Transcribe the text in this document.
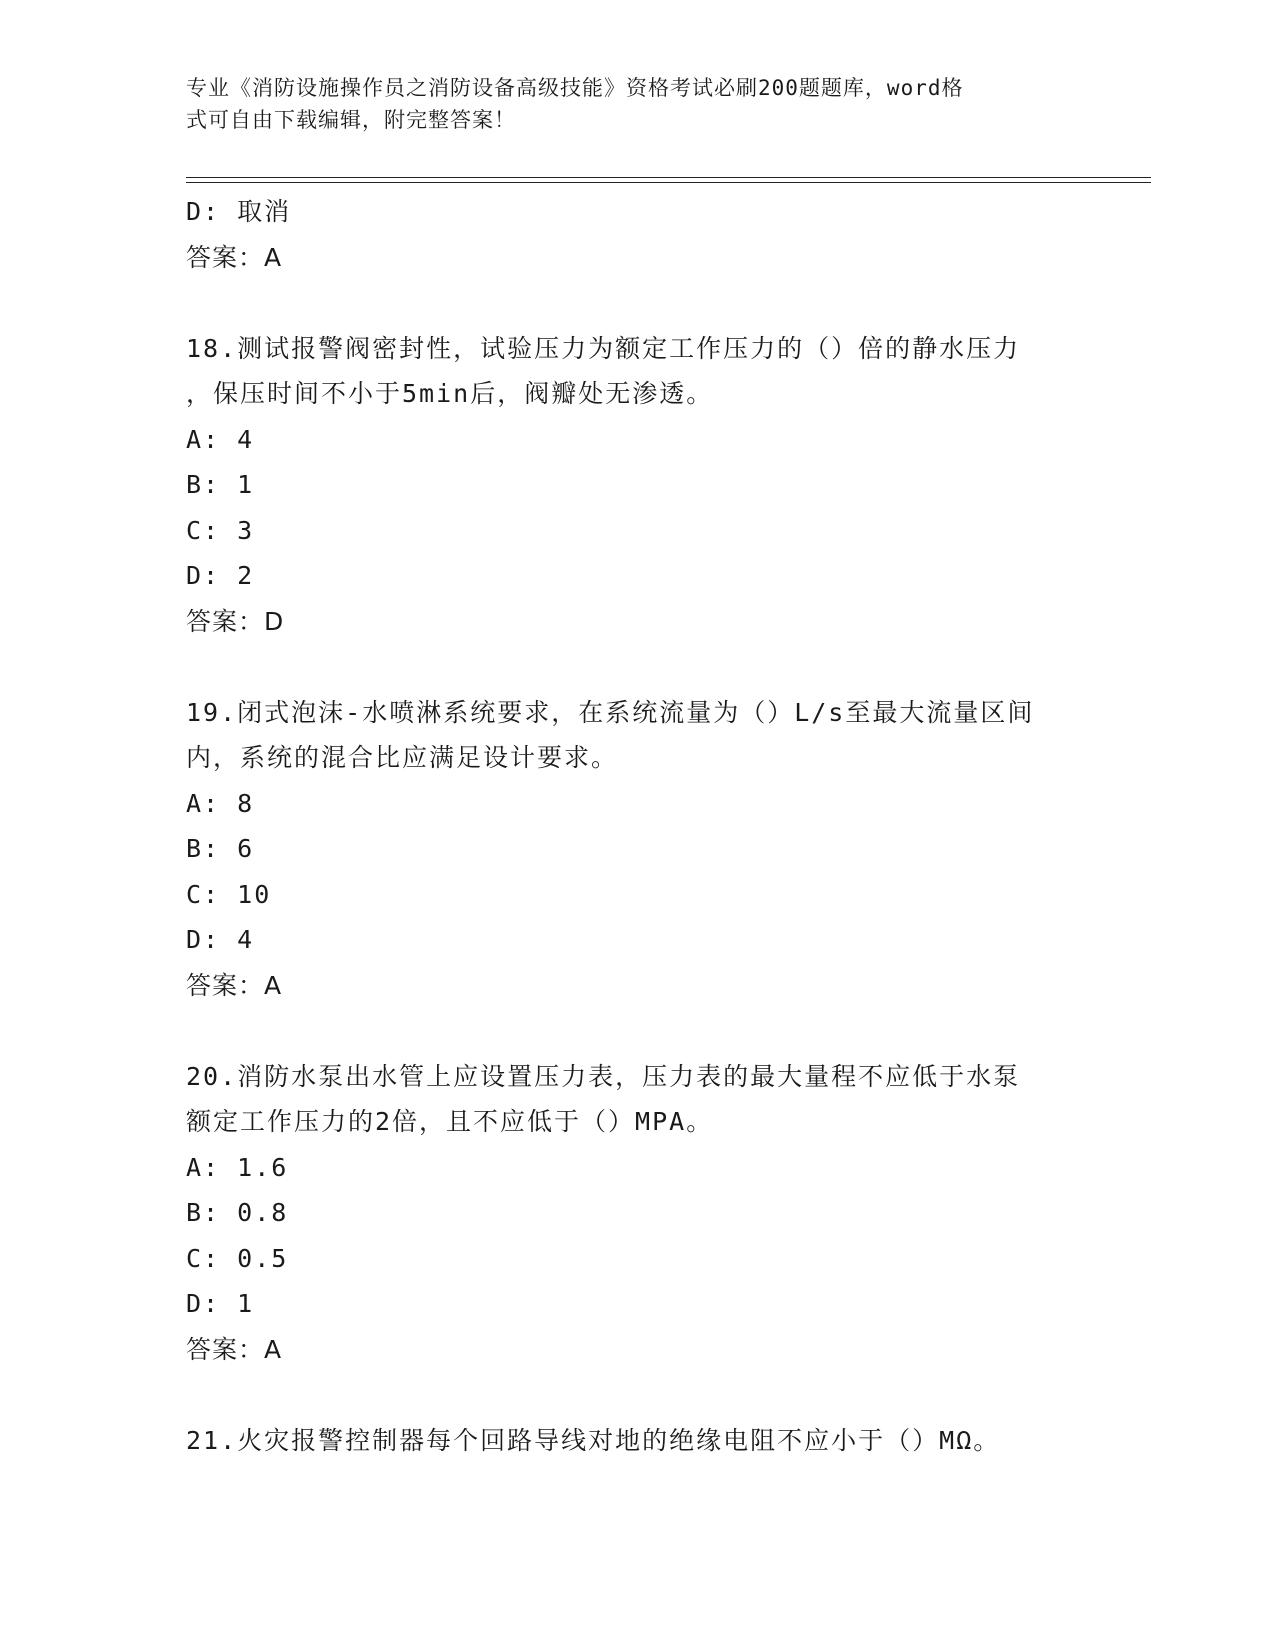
专业《消防设施操作员之消防设备高级技能》资格考试必刷200题题库，word格
式可自由下载编辑，附完整答案！
D: 取消
答案：A
18.测试报警阀密封性，试验压力为额定工作压力的（）倍的静水压力
，保压时间不小于5min后，阀瓣处无渗透。
A: 4
B: 1
C: 3
D: 2
答案：D
19.闭式泡沫-水喷淋系统要求，在系统流量为（）L/s至最大流量区间
内，系统的混合比应满足设计要求。
A: 8
B: 6
C: 10
D: 4
答案：A
20.消防水泵出水管上应设置压力表，压力表的最大量程不应低于水泵
额定工作压力的2倍，且不应低于（）MPA。
A: 1.6
B: 0.8
C: 0.5
D: 1
答案：A
21.火灾报警控制器每个回路导线对地的绝缘电阻不应小于（）MΩ。
